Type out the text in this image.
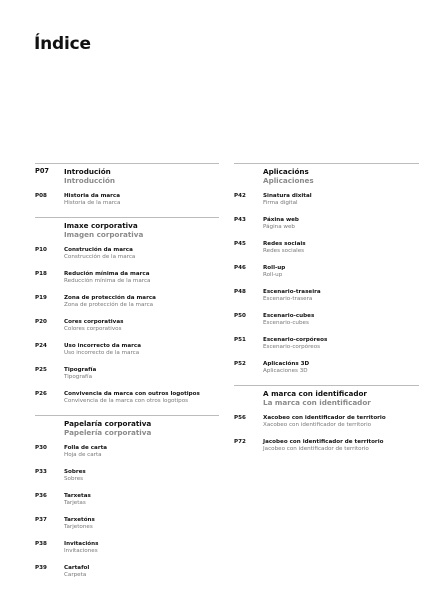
Índice
P07	Introdución
Introducción
P08	Historia da marca
Historia de la marca
Imaxe corporativa
Imagen corporativa
P10	Construción da marca
Construcción de la marca
P18	Redución mínima da marca
Reducción mínima de la marca
P19	Zona de protección da marca
Zona de protección de la marca
P20	Cores corporativas
Colores corporativos
P24	Uso incorrecto da marca
Uso incorrecto de la marca
P25	Tipografía
Tipografía
P26	Convivencia da marca con outros logotipos
Convivencia de la marca con otros logotipos
Papelaría corporativa
Papelería corporativa
P30	Folla de carta
Hoja de carta
P33	Sobres
Sobres
P36	Tarxetas
Tarjetas
P37	Tarxetóns
Tarjetones
P38	Invitacións
Invitaciones
P39	Cartafol
Carpeta
Aplicacións
Aplicaciones
P42	Sinatura dixital
Firma digital
P43	Páxina web
Página web
P45	Redes sociais
Redes sociales
P46	Roll-up
Roll-up
P48	Escenario-traseira
Escenario-trasera
P50	Escenario-cubes
Escenario-cubes
P51	Escenario-corpóreos
Escenario-corpóreos
P52	Aplicacións 3D
Aplicaciones 3D
A marca con identificador
La marca con identificador
P56	Xacobeo con identificador de territorio
Xacobeo con identificador de territorio
P72	Jacobeo con identificador de territorio
Jacobeo con identificador de territorio
